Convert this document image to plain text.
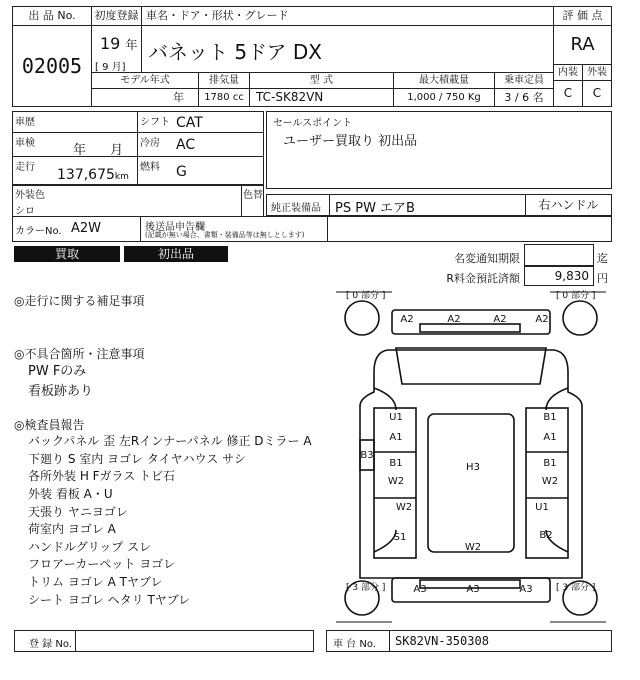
出 品 No.
02005
初度登録 車名・ドア・形状・グレード
19 年
[ 9 月]
バネット 5ドア DX
評 価 点
RA
内装 外装
C	C
モデル年式	排気量	型 式	最大積載量	乗車定員
年	1780 cc	TC-SK82VN	1,000 / 750 Kg	3 / 6 名
車歴
車検	年 月
走行 137,675km
シフト CAT
冷房 AC
燃料 G
セールスポイント
ユーザー買取り 初出品
外装色
シロ
色替
純正装備品 PS PW エアB	右ハンドル
カラーNo. A2W	後送品申告欄
(記載が無い場合、書類・装備品等は無しとします)
買取	初出品	名変通知期限	迄
R料金預託済額	9,830 円
◎走行に関する補足事項
◎不具合箇所・注意事項
PW Fのみ
看板跡あり
◎検査員報告
バックパネル 歪 左Rインナーパネル 修正 Dミラー A
下廻り S 室内 ヨゴレ タイヤハウス サシ
各所外装 H Fガラス トビ石
外装 看板 A・U
天張り ヤニヨゴレ
荷室内 ヨゴレ A
ハンドルグリップ スレ
フロアーカーペット ヨゴレ
トリム ヨゴレ A Tヤブレ
シート ヨゴレ ヘタリ Tヤブレ
[ 0 部分 ]	[ 0 部分 ]
[ 3 部分 ]	[ 3 部分 ]
A2	A2	A2	A2
U1
A1
B1
W2
W2
S1
B1
A1
B1
W2
U1
B2
B3
H3
W2
A3	A3	A3
登 録 No.	車 台 No. SK82VN-350308
